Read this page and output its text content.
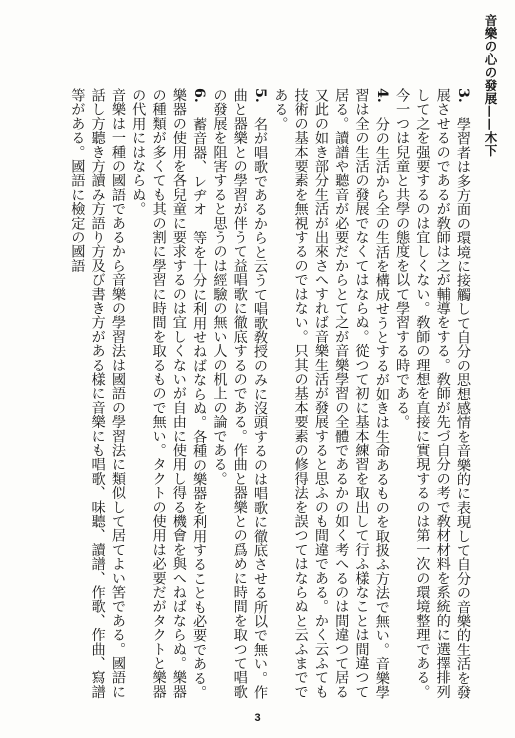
音樂の心の發展——木下

3.　學習者は多方面の環境に接觸して自分の思想感情を音樂的に表現して自分の音樂的生活を發展させるのであるが敎師は之が輔導をする。敎師が先づ自分の考で敎材材料を系統的に選擇排列して之を强要するのは宜しくない。敎師の理想を直接に實現するのは第一次の環境整理である。今一つは兒童と共學の態度を以て學習する時である。

4.　分の生活から全の生活を構成せうとするが如きは生命あるものを取扱ふ方法で無い。音樂學習は全の生活の發展でなくてはならぬ。從つて初に基本練習を取出して行ふ樣なことは間違つて居る。讀譜や聽音が必要だからとて之が音樂學習の全體であるかの如く考へるのは間違つて居る又此の如き部分生活が出來さへすれば音樂生活が發展すると思ふのも間違である。かく云ふても技術の基本要素を無視するのではない。只其の基本要素の修得法を誤つてはならぬと云ふまでである。

5.　名が唱歌であるからと云うて唱歌敎授のみに沒頭するのは唱歌に徹底させる所以で無い。作曲と器樂との學習が伴うて益唱歌に徹底するのである。作曲と器樂との爲めに時間を取つて唱歌の發展を阻害すると思うのは經驗の無い人の机上の論である。

6.　蓄音器、レヂオ　等を十分に利用せねばならぬ。各種の樂器を利用することも必要である。樂器の使用を各兒童に要求するのは宜しくないが自由に使用し得る機會を與へねばならぬ。樂器の種類が多くても其の割に學習に時間を取るもので無い。タクトの使用は必要だがタクトと樂器の代用にはならぬ。

音樂は一種の國語であるから音樂の學習法は國語の學習法に類似して居てよい筈である。國語に話し方聽き方讀み方語り方及び書き方がある樣に音樂にも唱歌、味聽、讀譜、作歌、作曲、寫譜等がある。國語に檢定の國語

3
